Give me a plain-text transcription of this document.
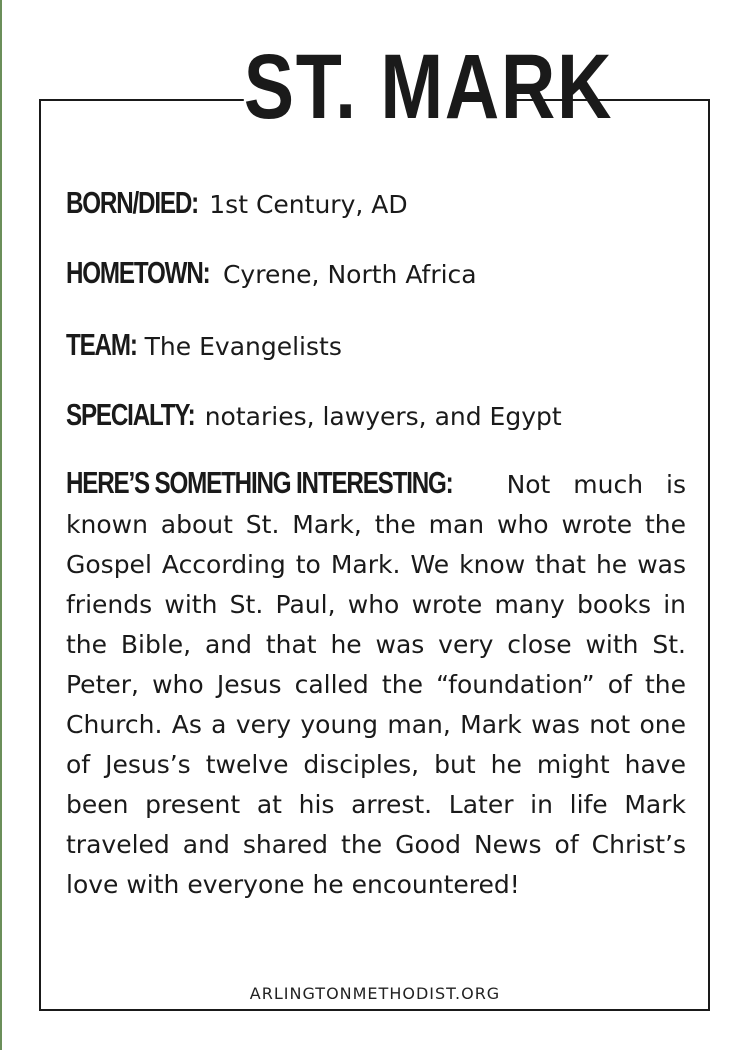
ST. MARK
BORN/DIED: 1st Century, AD
HOMETOWN: Cyrene, North Africa
TEAM: The Evangelists
SPECIALTY: notaries, lawyers, and Egypt
HERE’S SOMETHING INTERESTING: Not much is known about St. Mark, the man who wrote the Gospel According to Mark. We know that he was friends with St. Paul, who wrote many books in the Bible, and that he was very close with St. Peter, who Jesus called the “foundation” of the Church. As a very young man, Mark was not one of Jesus’s twelve disciples, but he might have been present at his arrest. Later in life Mark traveled and shared the Good News of Christ’s love with everyone he encountered!
ARLINGTONMETHODIST.ORG
